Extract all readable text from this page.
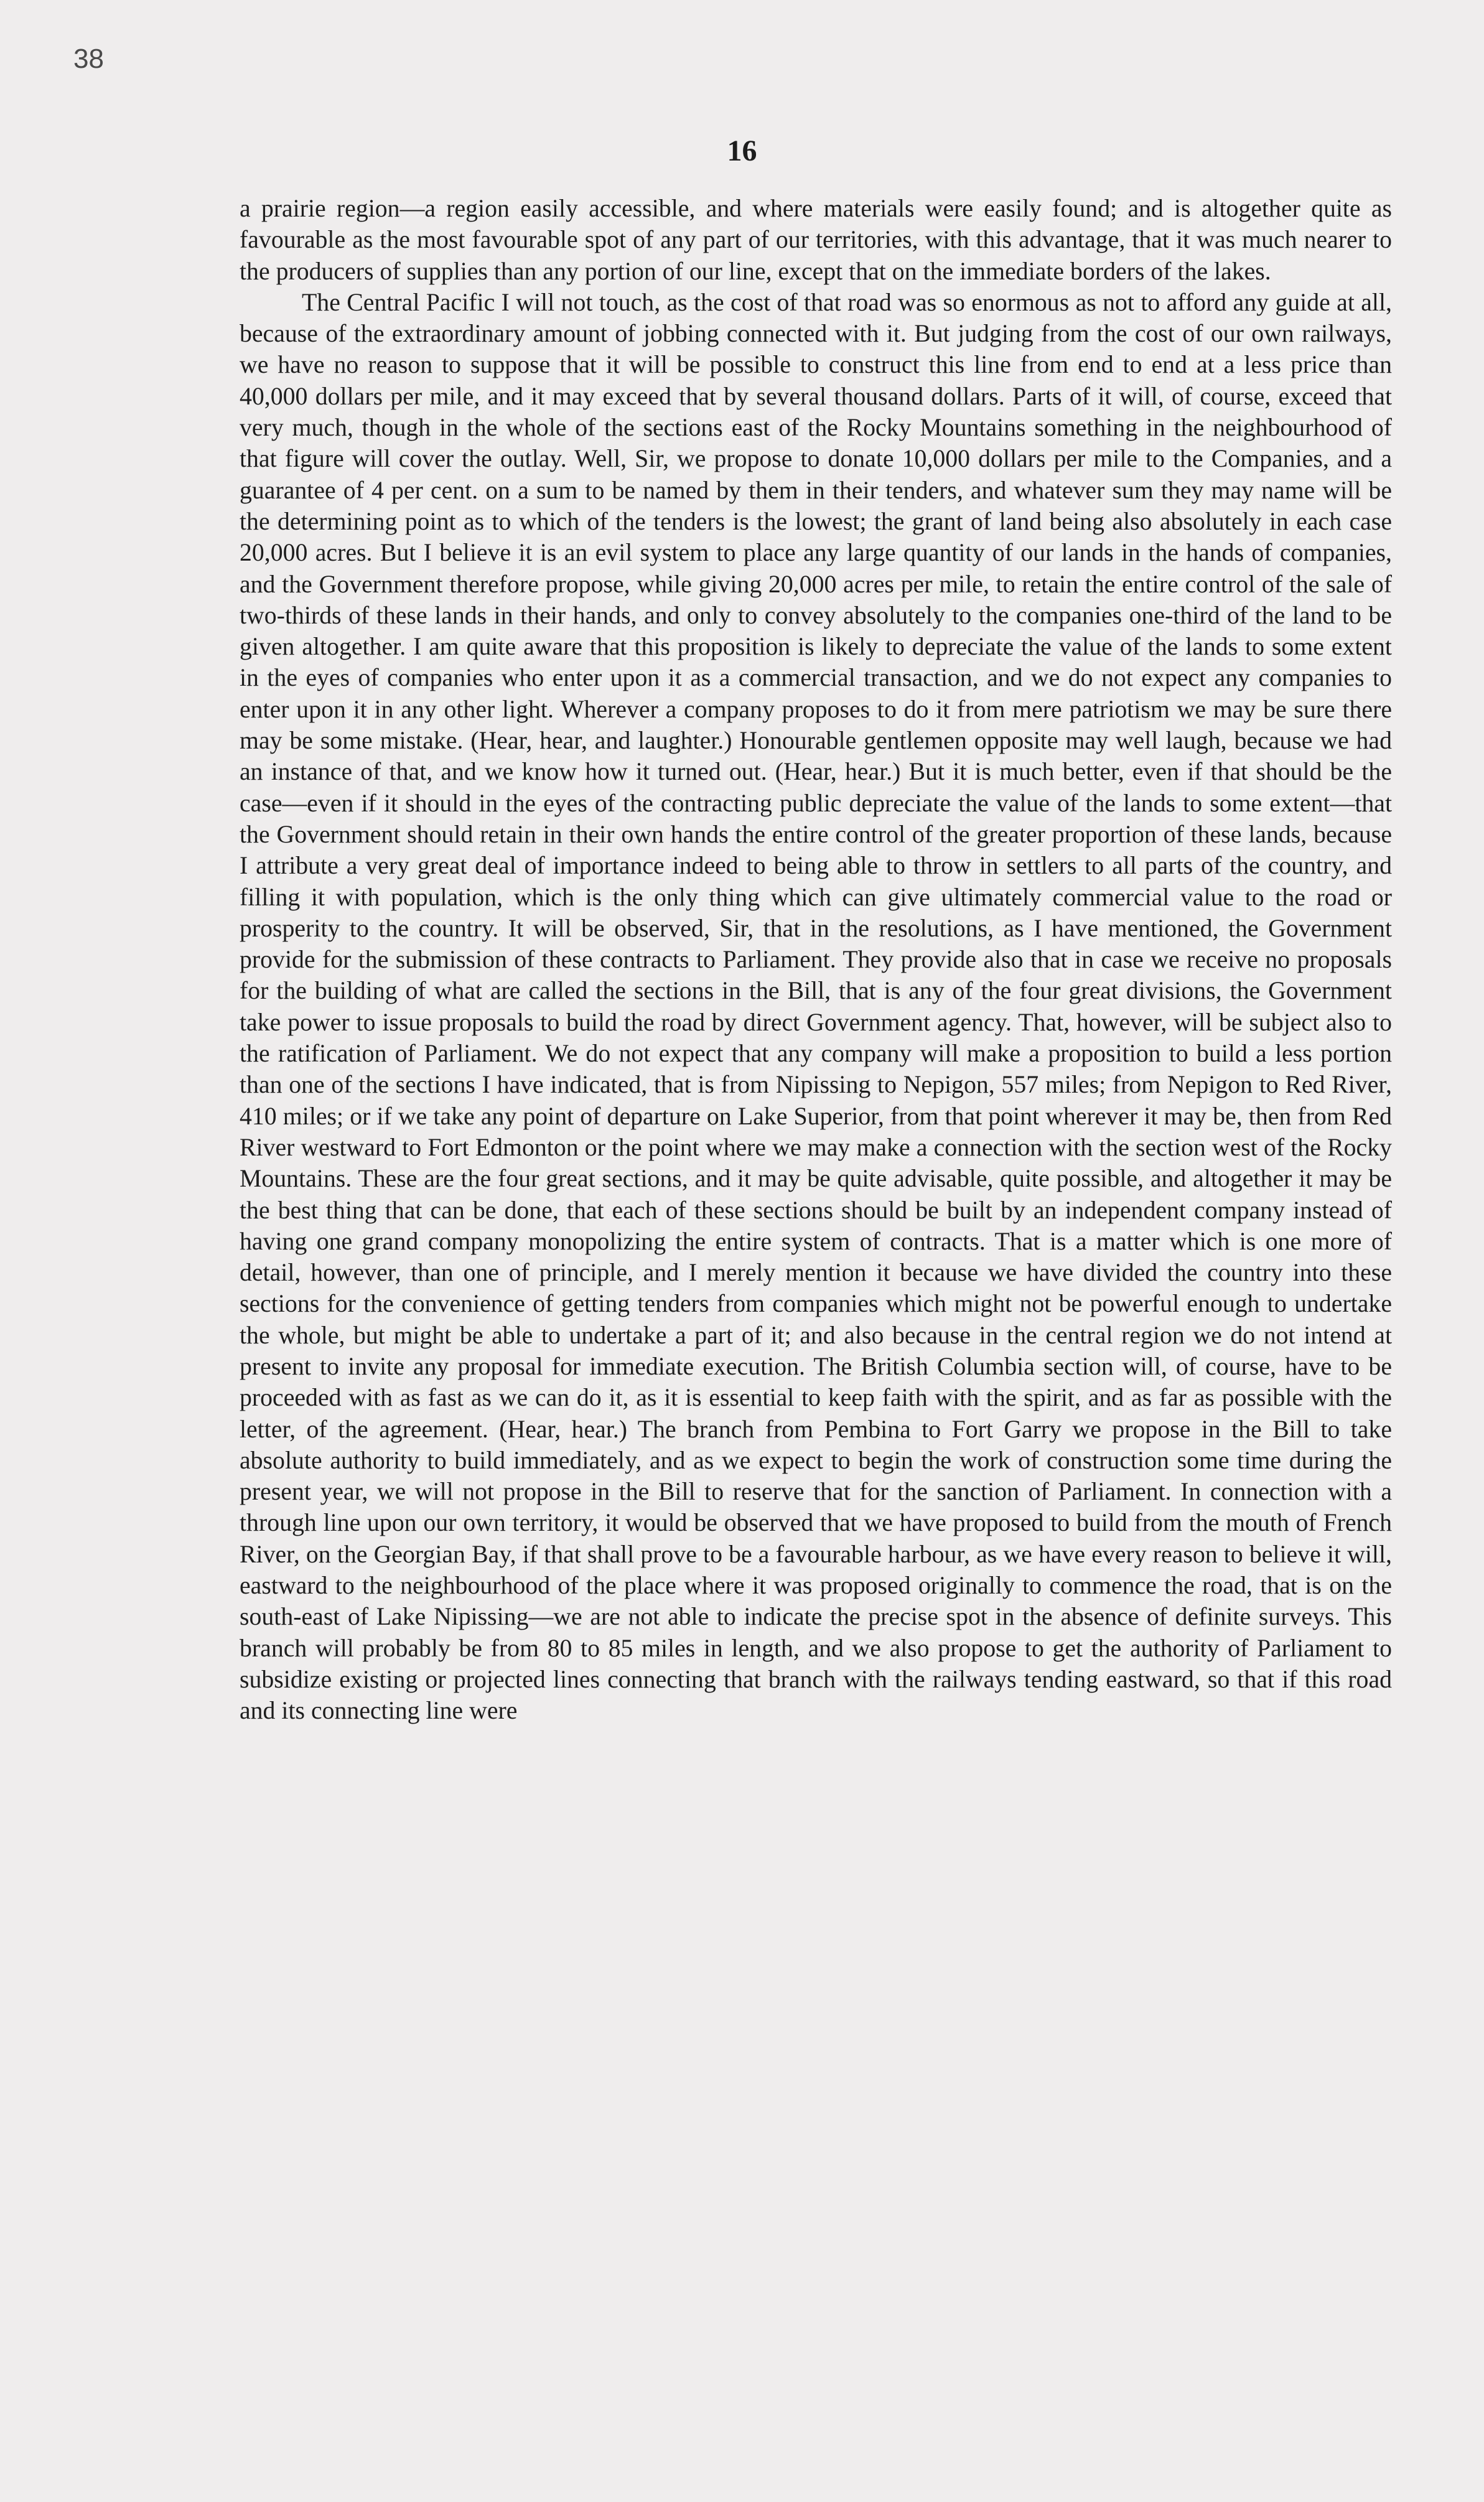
38

16

a prairie region—a region easily accessible, and where materials were easily found; and is altogether quite as favourable as the most favourable spot of any part of our territories, with this advantage, that it was much nearer to the producers of supplies than any portion of our line, except that on the immediate borders of the lakes.

The Central Pacific I will not touch, as the cost of that road was so enormous as not to afford any guide at all, because of the extraordinary amount of jobbing connected with it. But judging from the cost of our own railways, we have no reason to suppose that it will be possible to construct this line from end to end at a less price than 40,000 dollars per mile, and it may exceed that by several thousand dollars. Parts of it will, of course, exceed that very much, though in the whole of the sections east of the Rocky Mountains something in the neighbourhood of that figure will cover the outlay. Well, Sir, we propose to donate 10,000 dollars per mile to the Companies, and a guarantee of 4 per cent. on a sum to be named by them in their tenders, and whatever sum they may name will be the determining point as to which of the tenders is the lowest; the grant of land being also absolutely in each case 20,000 acres. But I believe it is an evil system to place any large quantity of our lands in the hands of companies, and the Government therefore propose, while giving 20,000 acres per mile, to retain the entire control of the sale of two-thirds of these lands in their hands, and only to convey absolutely to the companies one-third of the land to be given altogether. I am quite aware that this proposition is likely to depreciate the value of the lands to some extent in the eyes of companies who enter upon it as a commercial transaction, and we do not expect any companies to enter upon it in any other light. Wherever a company proposes to do it from mere patriotism we may be sure there may be some mistake. (Hear, hear, and laughter.) Honourable gentlemen opposite may well laugh, because we had an instance of that, and we know how it turned out. (Hear, hear.) But it is much better, even if that should be the case—even if it should in the eyes of the contracting public depreciate the value of the lands to some extent—that the Government should retain in their own hands the entire control of the greater proportion of these lands, because I attribute a very great deal of importance indeed to being able to throw in settlers to all parts of the country, and filling it with population, which is the only thing which can give ultimately commercial value to the road or prosperity to the country. It will be observed, Sir, that in the resolutions, as I have mentioned, the Government provide for the submission of these contracts to Parliament. They provide also that in case we receive no proposals for the building of what are called the sections in the Bill, that is any of the four great divisions, the Government take power to issue proposals to build the road by direct Government agency. That, however, will be subject also to the ratification of Parliament. We do not expect that any company will make a proposition to build a less portion than one of the sections I have indicated, that is from Nipissing to Nepigon, 557 miles; from Nepigon to Red River, 410 miles; or if we take any point of departure on Lake Superior, from that point wherever it may be, then from Red River westward to Fort Edmonton or the point where we may make a connection with the section west of the Rocky Mountains. These are the four great sections, and it may be quite advisable, quite possible, and altogether it may be the best thing that can be done, that each of these sections should be built by an independent company instead of having one grand company monopolizing the entire system of contracts. That is a matter which is one more of detail, however, than one of principle, and I merely mention it because we have divided the country into these sections for the convenience of getting tenders from companies which might not be powerful enough to undertake the whole, but might be able to undertake a part of it; and also because in the central region we do not intend at present to invite any proposal for immediate execution. The British Columbia section will, of course, have to be proceeded with as fast as we can do it, as it is essential to keep faith with the spirit, and as far as possible with the letter, of the agreement. (Hear, hear.) The branch from Pembina to Fort Garry we propose in the Bill to take absolute authority to build immediately, and as we expect to begin the work of construction some time during the present year, we will not propose in the Bill to reserve that for the sanction of Parliament. In connection with a through line upon our own territory, it would be observed that we have proposed to build from the mouth of French River, on the Georgian Bay, if that shall prove to be a favourable harbour, as we have every reason to believe it will, eastward to the neighbourhood of the place where it was proposed originally to commence the road, that is on the south-east of Lake Nipissing—we are not able to indicate the precise spot in the absence of definite surveys. This branch will probably be from 80 to 85 miles in length, and we also propose to get the authority of Parliament to subsidize existing or projected lines connecting that branch with the railways tending eastward, so that if this road and its connecting line were
